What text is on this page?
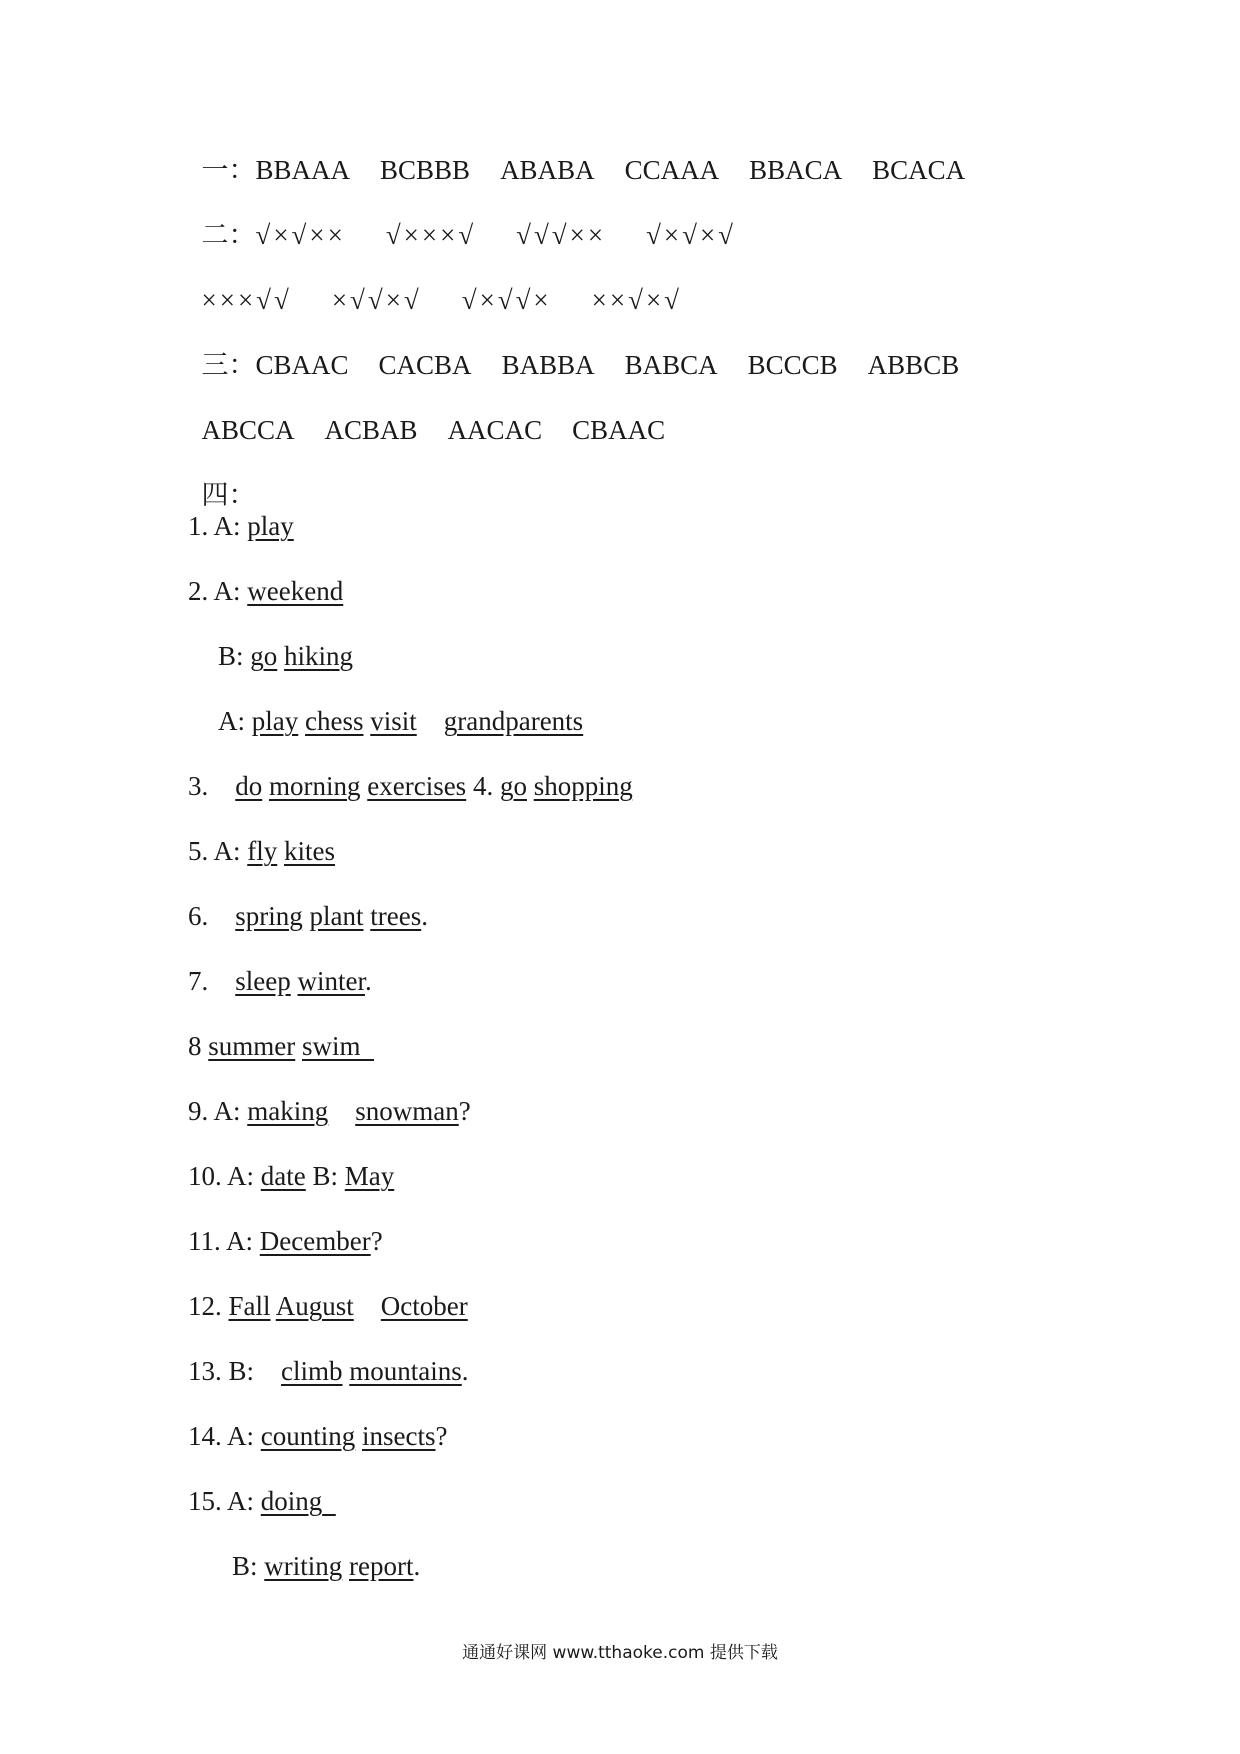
一：BBAAA BCBBB ABABA CCAAA BBACA BCACA

二：√×√×× √×××√ √√√×× √×√×√

×××√√ ×√√×√ √×√√× ××√×√

三：CBAAC CACBA BABBA BABCA BCCCB ABBCB

ABCCA ACBAB AACAC CBAAC

四：

1. A: play
2. A: weekend
B: go hiking
A: play chess visit grandparents
3. do morning exercises 4. go shopping
5. A: fly kites
6. spring plant trees.
7. sleep winter.
8 summer swim
9. A: making snowman?
10. A: date B: May
11. A: December?
12. Fall August October
13. B: climb mountains.
14. A: counting insects?
15. A: doing
B: writing report.
通通好课网 www.tthaoke.com 提供下载
